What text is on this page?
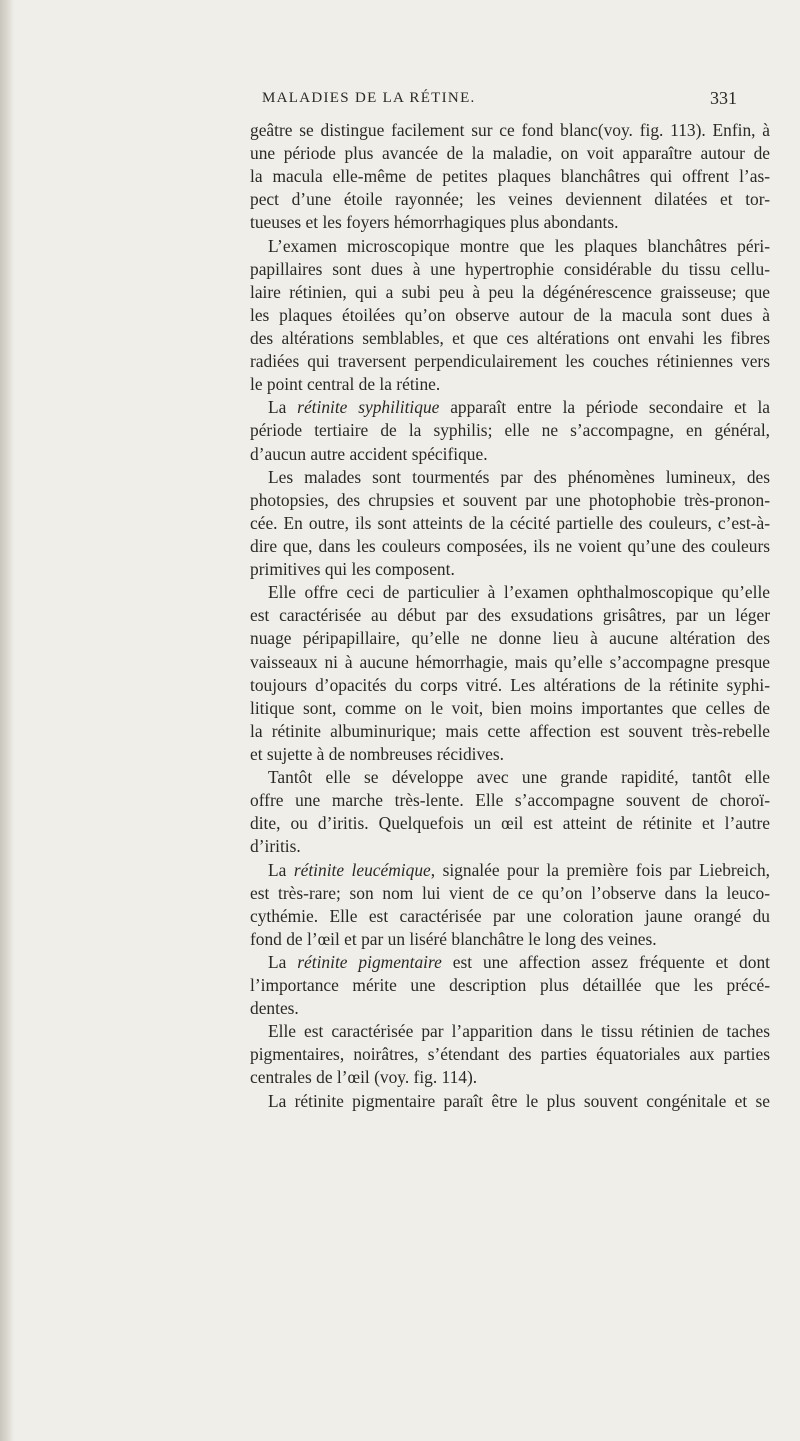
MALADIES DE LA RÉTINE.	331
geâtre se distingue facilement sur ce fond blanc(voy. fig. 113). Enfin, à
une période plus avancée de la maladie, on voit apparaître autour de
la macula elle-même de petites plaques blanchâtres qui offrent l’as-
pect d’une étoile rayonnée; les veines deviennent dilatées et tor-
tueuses et les foyers hémorrhagiques plus abondants.
L’examen microscopique montre que les plaques blanchâtres péri-
papillaires sont dues à une hypertrophie considérable du tissu cellu-
laire rétinien, qui a subi peu à peu la dégénérescence graisseuse; que
les plaques étoilées qu’on observe autour de la macula sont dues à
des altérations semblables, et que ces altérations ont envahi les fibres
radiées qui traversent perpendiculairement les couches rétiniennes vers
le point central de la rétine.
La rétinite syphilitique apparaît entre la période secondaire et la
période tertiaire de la syphilis; elle ne s’accompagne, en général,
d’aucun autre accident spécifique.
Les malades sont tourmentés par des phénomènes lumineux, des
photopsies, des chrupsies et souvent par une photophobie très-pronon-
cée. En outre, ils sont atteints de la cécité partielle des couleurs, c’est-à-
dire que, dans les couleurs composées, ils ne voient qu’une des couleurs
primitives qui les composent.
Elle offre ceci de particulier à l’examen ophthalmoscopique qu’elle
est caractérisée au début par des exsudations grisâtres, par un léger
nuage péripapillaire, qu’elle ne donne lieu à aucune altération des
vaisseaux ni à aucune hémorrhagie, mais qu’elle s’accompagne presque
toujours d’opacités du corps vitré. Les altérations de la rétinite syphi-
litique sont, comme on le voit, bien moins importantes que celles de
la rétinite albuminurique; mais cette affection est souvent très-rebelle
et sujette à de nombreuses récidives.
Tantôt elle se développe avec une grande rapidité, tantôt elle
offre une marche très-lente. Elle s’accompagne souvent de choroï-
dite, ou d’iritis. Quelquefois un œil est atteint de rétinite et l’autre
d’iritis.
La rétinite leucémique, signalée pour la première fois par Liebreich,
est très-rare; son nom lui vient de ce qu’on l’observe dans la leuco-
cythémie. Elle est caractérisée par une coloration jaune orangé du
fond de l’œil et par un liséré blanchâtre le long des veines.
La rétinite pigmentaire est une affection assez fréquente et dont
l’importance mérite une description plus détaillée que les précé-
dentes.
Elle est caractérisée par l’apparition dans le tissu rétinien de taches
pigmentaires, noirâtres, s’étendant des parties équatoriales aux parties
centrales de l’œil (voy. fig. 114).
La rétinite pigmentaire paraît être le plus souvent congénitale et se
